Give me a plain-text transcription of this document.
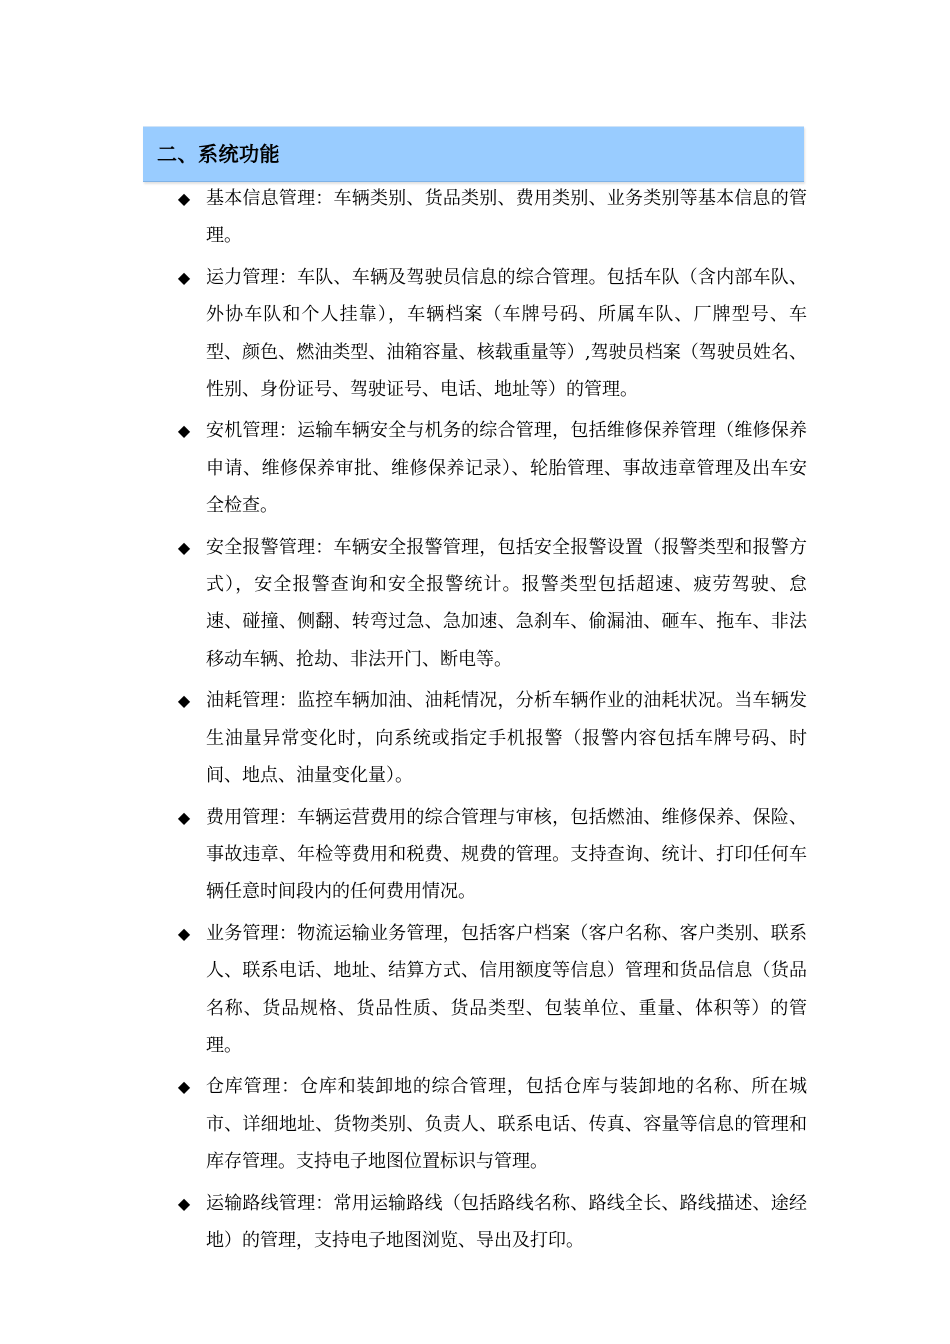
二、系统功能
◆ 基本信息管理：车辆类别、货品类别、费用类别、业务类别等基本信息的管理。
◆ 运力管理：车队、车辆及驾驶员信息的综合管理。包括车队（含内部车队、外协车队和个人挂靠），车辆档案（车牌号码、所属车队、厂牌型号、车型、颜色、燃油类型、油箱容量、核载重量等）,驾驶员档案（驾驶员姓名、性别、身份证号、驾驶证号、电话、地址等）的管理。
◆ 安机管理：运输车辆安全与机务的综合管理，包括维修保养管理（维修保养申请、维修保养审批、维修保养记录）、轮胎管理、事故违章管理及出车安全检查。
◆ 安全报警管理：车辆安全报警管理，包括安全报警设置（报警类型和报警方式），安全报警查询和安全报警统计。报警类型包括超速、疲劳驾驶、怠速、碰撞、侧翻、转弯过急、急加速、急刹车、偷漏油、砸车、拖车、非法移动车辆、抢劫、非法开门、断电等。
◆ 油耗管理：监控车辆加油、油耗情况，分析车辆作业的油耗状况。当车辆发生油量异常变化时，向系统或指定手机报警（报警内容包括车牌号码、时间、地点、油量变化量）。
◆ 费用管理：车辆运营费用的综合管理与审核，包括燃油、维修保养、保险、事故违章、年检等费用和税费、规费的管理。支持查询、统计、打印任何车辆任意时间段内的任何费用情况。
◆ 业务管理：物流运输业务管理，包括客户档案（客户名称、客户类别、联系人、联系电话、地址、结算方式、信用额度等信息）管理和货品信息（货品　名称、货品规格、货品性质、货品类型、包装单位、重量、体积等）的管理。
◆ 仓库管理：仓库和装卸地的综合管理，包括仓库与装卸地的名称、所在城市、详细地址、货物类别、负责人、联系电话、传真、容量等信息的管理和库存管理。支持电子地图位置标识与管理。
◆ 运输路线管理：常用运输路线（包括路线名称、路线全长、路线描述、途经地）的管理，支持电子地图浏览、导出及打印。
